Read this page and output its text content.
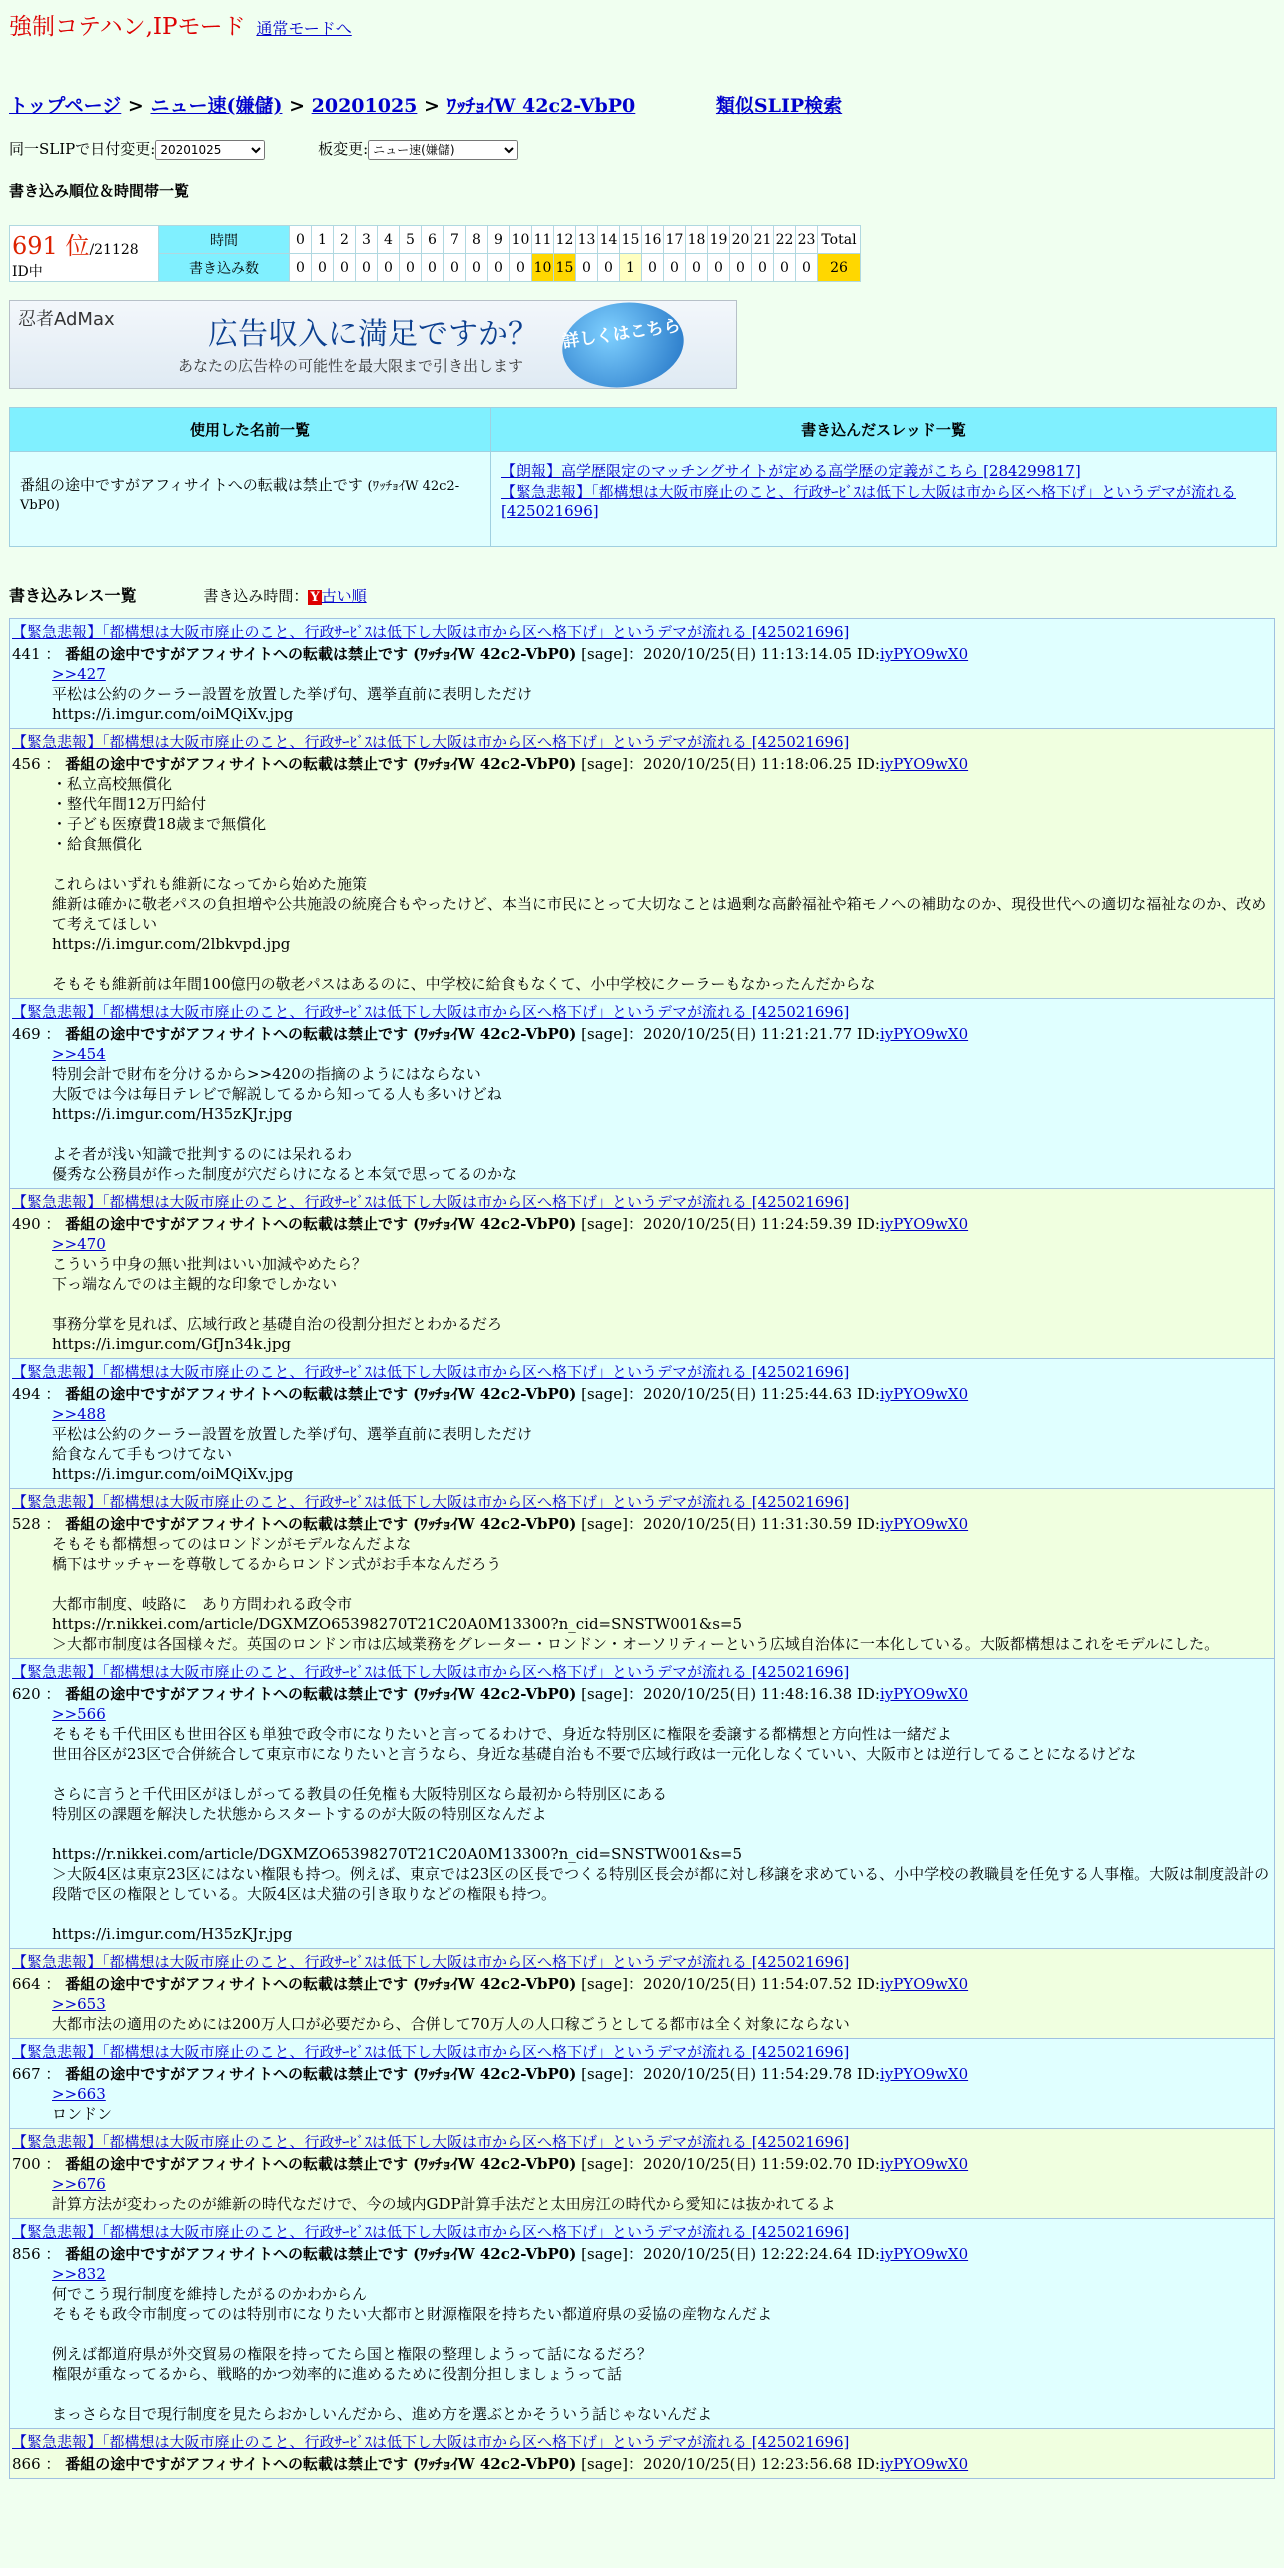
強制コテハン,IPモード 通常モードへ
トップページ > ニュー速(嫌儲) > 20201025 > ﾜｯﾁｮｲW 42c2-VbP0	類似SLIP検索
同一SLIPで日付変更:
20201025	板変更:
ニュー速(嫌儲)
書き込み順位＆時間帯一覧
691 位/21128 ID中	時間	0	1	2	3	4	5	6	7	8	9	10	11	12	13	14	15	16	17	18	19	20	21	22	23	Total
	書き込み数	0	0	0	0	0	0	0	0	0	0	0	10	15	0	0	1	0	0	0	0	0	0	0	0	26
忍者AdMax	広告収入に満足ですか？
あなたの広告枠の可能性を最大限まで引き出します
詳しくはこちら
使用した名前一覧	書き込んだスレッド一覧
番組の途中ですがアフィサイトへの転載は禁止です (ﾜｯﾁｮｲW 42c2-VbP0)	【朗報】高学歴限定のマッチングサイトが定める高学歴の定義がこちら [284299817]
【緊急悲報】「都構想は大阪市廃止のこと、行政ｻｰﾋﾞｽは低下し大阪は市から区へ格下げ」というデマが流れる [425021696]
書き込みレス一覧	書き込み時間： Y 古い順
【緊急悲報】「都構想は大阪市廃止のこと、行政ｻｰﾋﾞｽは低下し大阪は市から区へ格下げ」というデマが流れる [425021696]
441 ： 番組の途中ですがアフィサイトへの転載は禁止です (ﾜｯﾁｮｲW 42c2-VbP0) [sage]：2020/10/25(日) 11:13:14.05 ID:iyPYO9wX0
>>427
平松は公約のクーラー設置を放置した挙げ句、選挙直前に表明しただけ
https://i.imgur.com/oiMQiXv.jpg
【緊急悲報】「都構想は大阪市廃止のこと、行政ｻｰﾋﾞｽは低下し大阪は市から区へ格下げ」というデマが流れる [425021696]
456 ： 番組の途中ですがアフィサイトへの転載は禁止です (ﾜｯﾁｮｲW 42c2-VbP0) [sage]：2020/10/25(日) 11:18:06.25 ID:iyPYO9wX0
・私立高校無償化
・整代年間12万円給付
・子ども医療費18歳まで無償化
・給食無償化

これらはいずれも維新になってから始めた施策
維新は確かに敬老パスの負担増や公共施設の統廃合もやったけど、本当に市民にとって大切なことは過剰な高齢福祉や箱モノへの補助なのか、現役世代への適切な福祉なのか、改めて考えてほしい
https://i.imgur.com/2lbkvpd.jpg

そもそも維新前は年間100億円の敬老パスはあるのに、中学校に給食もなくて、小中学校にクーラーもなかったんだからな
【緊急悲報】「都構想は大阪市廃止のこと、行政ｻｰﾋﾞｽは低下し大阪は市から区へ格下げ」というデマが流れる [425021696]
469 ： 番組の途中ですがアフィサイトへの転載は禁止です (ﾜｯﾁｮｲW 42c2-VbP0) [sage]：2020/10/25(日) 11:21:21.77 ID:iyPYO9wX0
>>454
特別会計で財布を分けるから>>420の指摘のようにはならない
大阪では今は毎日テレビで解説してるから知ってる人も多いけどね
https://i.imgur.com/H35zKJr.jpg

よそ者が浅い知識で批判するのには呆れるわ
優秀な公務員が作った制度が穴だらけになると本気で思ってるのかな
【緊急悲報】「都構想は大阪市廃止のこと、行政ｻｰﾋﾞｽは低下し大阪は市から区へ格下げ」というデマが流れる [425021696]
490 ： 番組の途中ですがアフィサイトへの転載は禁止です (ﾜｯﾁｮｲW 42c2-VbP0) [sage]：2020/10/25(日) 11:24:59.39 ID:iyPYO9wX0
>>470
こういう中身の無い批判はいい加減やめたら？
下っ端なんでのは主観的な印象でしかない

事務分掌を見れば、広域行政と基礎自治の役割分担だとわかるだろ
https://i.imgur.com/GfJn34k.jpg
【緊急悲報】「都構想は大阪市廃止のこと、行政ｻｰﾋﾞｽは低下し大阪は市から区へ格下げ」というデマが流れる [425021696]
494 ： 番組の途中ですがアフィサイトへの転載は禁止です (ﾜｯﾁｮｲW 42c2-VbP0) [sage]：2020/10/25(日) 11:25:44.63 ID:iyPYO9wX0
>>488
平松は公約のクーラー設置を放置した挙げ句、選挙直前に表明しただけ
給食なんて手もつけてない
https://i.imgur.com/oiMQiXv.jpg
【緊急悲報】「都構想は大阪市廃止のこと、行政ｻｰﾋﾞｽは低下し大阪は市から区へ格下げ」というデマが流れる [425021696]
528 ： 番組の途中ですがアフィサイトへの転載は禁止です (ﾜｯﾁｮｲW 42c2-VbP0) [sage]：2020/10/25(日) 11:31:30.59 ID:iyPYO9wX0
そもそも都構想ってのはロンドンがモデルなんだよな
橋下はサッチャーを尊敬してるからロンドン式がお手本なんだろう

大都市制度、岐路に　あり方問われる政令市
https://r.nikkei.com/article/DGXMZO65398270T21C20A0M13300?n_cid=SNSTW001&s=5
＞大都市制度は各国様々だ。英国のロンドン市は広域業務をグレーター・ロンドン・オーソリティーという広域自治体に一本化している。大阪都構想はこれをモデルにした。
【緊急悲報】「都構想は大阪市廃止のこと、行政ｻｰﾋﾞｽは低下し大阪は市から区へ格下げ」というデマが流れる [425021696]
620 ： 番組の途中ですがアフィサイトへの転載は禁止です (ﾜｯﾁｮｲW 42c2-VbP0) [sage]：2020/10/25(日) 11:48:16.38 ID:iyPYO9wX0
>>566
そもそも千代田区も世田谷区も単独で政令市になりたいと言ってるわけで、身近な特別区に権限を委譲する都構想と方向性は一緒だよ
世田谷区が23区で合併統合して東京市になりたいと言うなら、身近な基礎自治も不要で広域行政は一元化しなくていい、大阪市とは逆行してることになるけどな

さらに言うと千代田区がほしがってる教員の任免権も大阪特別区なら最初から特別区にある
特別区の課題を解決した状態からスタートするのが大阪の特別区なんだよ

https://r.nikkei.com/article/DGXMZO65398270T21C20A0M13300?n_cid=SNSTW001&s=5
＞大阪4区は東京23区にはない権限も持つ。例えば、東京では23区の区長でつくる特別区長会が都に対し移譲を求めている、小中学校の教職員を任免する人事権。大阪は制度設計の段階で区の権限としている。大阪4区は犬猫の引き取りなどの権限も持つ。

https://i.imgur.com/H35zKJr.jpg
【緊急悲報】「都構想は大阪市廃止のこと、行政ｻｰﾋﾞｽは低下し大阪は市から区へ格下げ」というデマが流れる [425021696]
664 ： 番組の途中ですがアフィサイトへの転載は禁止です (ﾜｯﾁｮｲW 42c2-VbP0) [sage]：2020/10/25(日) 11:54:07.52 ID:iyPYO9wX0
>>653
大都市法の適用のためには200万人口が必要だから、合併して70万人の人口稼ごうとしてる都市は全く対象にならない
【緊急悲報】「都構想は大阪市廃止のこと、行政ｻｰﾋﾞｽは低下し大阪は市から区へ格下げ」というデマが流れる [425021696]
667 ： 番組の途中ですがアフィサイトへの転載は禁止です (ﾜｯﾁｮｲW 42c2-VbP0) [sage]：2020/10/25(日) 11:54:29.78 ID:iyPYO9wX0
>>663
ロンドン
【緊急悲報】「都構想は大阪市廃止のこと、行政ｻｰﾋﾞｽは低下し大阪は市から区へ格下げ」というデマが流れる [425021696]
700 ： 番組の途中ですがアフィサイトへの転載は禁止です (ﾜｯﾁｮｲW 42c2-VbP0) [sage]：2020/10/25(日) 11:59:02.70 ID:iyPYO9wX0
>>676
計算方法が変わったのが維新の時代なだけで、今の域内GDP計算手法だと太田房江の時代から愛知には抜かれてるよ
【緊急悲報】「都構想は大阪市廃止のこと、行政ｻｰﾋﾞｽは低下し大阪は市から区へ格下げ」というデマが流れる [425021696]
856 ： 番組の途中ですがアフィサイトへの転載は禁止です (ﾜｯﾁｮｲW 42c2-VbP0) [sage]：2020/10/25(日) 12:22:24.64 ID:iyPYO9wX0
>>832
何でこう現行制度を維持したがるのかわからん
そもそも政令市制度ってのは特別市になりたい大都市と財源権限を持ちたい都道府県の妥協の産物なんだよ

例えば都道府県が外交貿易の権限を持ってたら国と権限の整理しようって話になるだろ？
権限が重なってるから、戦略的かつ効率的に進めるために役割分担しましょうって話

まっさらな目で現行制度を見たらおかしいんだから、進め方を選ぶとかそういう話じゃないんだよ
【緊急悲報】「都構想は大阪市廃止のこと、行政ｻｰﾋﾞｽは低下し大阪は市から区へ格下げ」というデマが流れる [425021696]
866 ： 番組の途中ですがアフィサイトへの転載は禁止です (ﾜｯﾁｮｲW 42c2-VbP0) [sage]：2020/10/25(日) 12:23:56.68 ID:iyPYO9wX0
